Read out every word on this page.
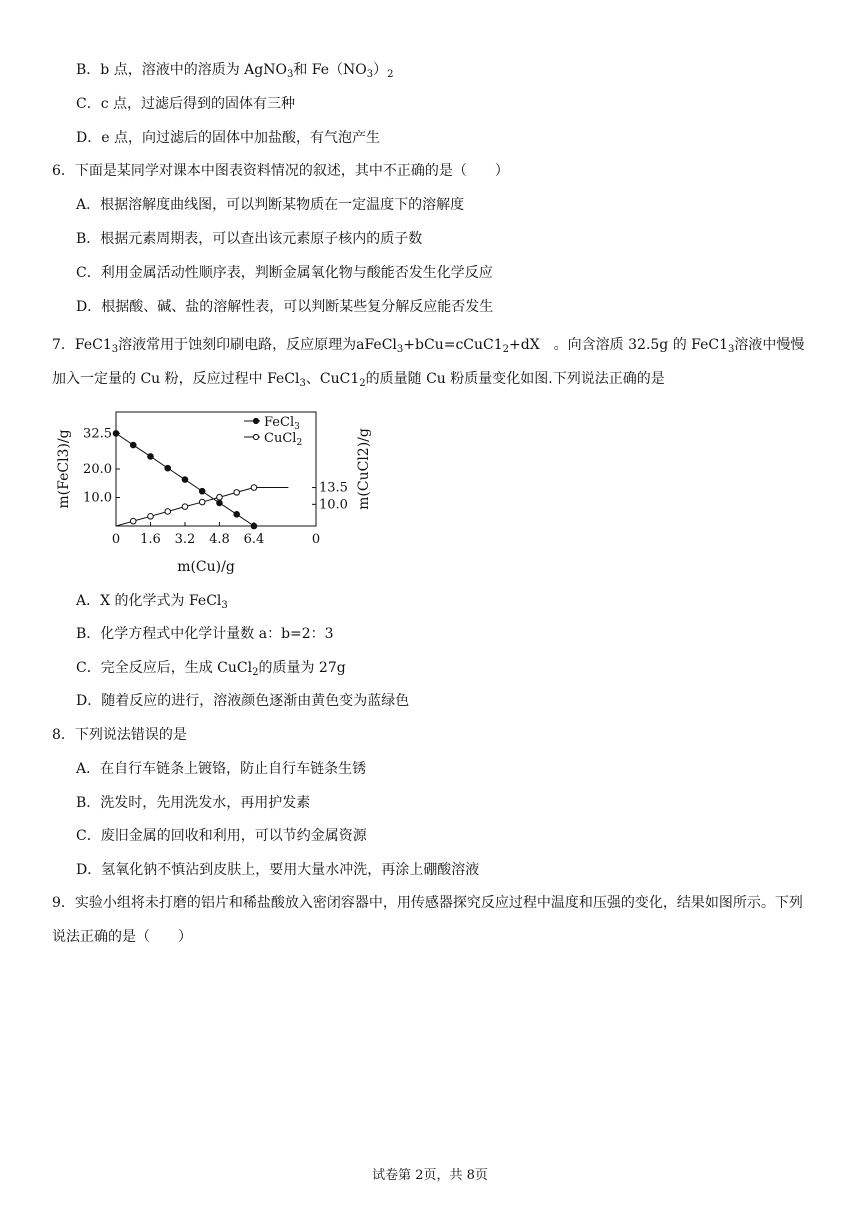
B．b 点，溶液中的溶质为 AgNO$_3$和 $Fe(NO_3)_2$
C．c 点，过滤后得到的固体有三种
D．e 点，向过滤后的固体中加盐酸，有气泡产生
6．下面是某同学对课本中图表资料情况的叙述，其中不正确的是（　　）
A．根据溶解度曲线图，可以判断某物质在一定温度下的溶解度
B．根据元素周期表，可以查出该元素原子核内的质子数
C．利用金属活动性顺序表，判断金属氧化物与酸能否发生化学反应
D．根据酸、碱、盐的溶解性表，可以判断某些复分解反应能否发生
7．$FeC1_3$溶液常用于蚀刻印刷电路，反应原理为$aFeCl_3+bCu=cCuC1_2+dX$　。向含溶质 32.5g 的 $FeC1_3$溶液中慢慢加入一定量的 Cu 粉，反应过程中 FeCl$_3$、$CuC1_2$的质量随 Cu 粉质量变化如图.下列说法正确的是
32.5
20.0
10.0
13.5
10.0
0 1.6 3.2 4.8 6.4	0
m(Cu)/g
m(FeCl3)/g	m(CuCl2)/g
FeCl$_3$
CuCl$_2$
A．X 的化学式为 FeCl$_3$
B．化学方程式中化学计量数 a：b=2：3
C．完全反应后，生成 CuCl$_2$的质量为 27g
D．随着反应的进行，溶液颜色逐渐由黄色变为蓝绿色
8．下列说法错误的是
A．在自行车链条上镀铬，防止自行车链条生锈
B．洗发时，先用洗发水，再用护发素
C．废旧金属的回收和利用，可以节约金属资源
D．氢氧化钠不慎沾到皮肤上，要用大量水冲洗，再涂上硼酸溶液
9．实验小组将未打磨的铝片和稀盐酸放入密闭容器中，用传感器探究反应过程中温度和压强的变化，结果如图所示。下列说法正确的是（　　）
试卷第 2页，共 8页
